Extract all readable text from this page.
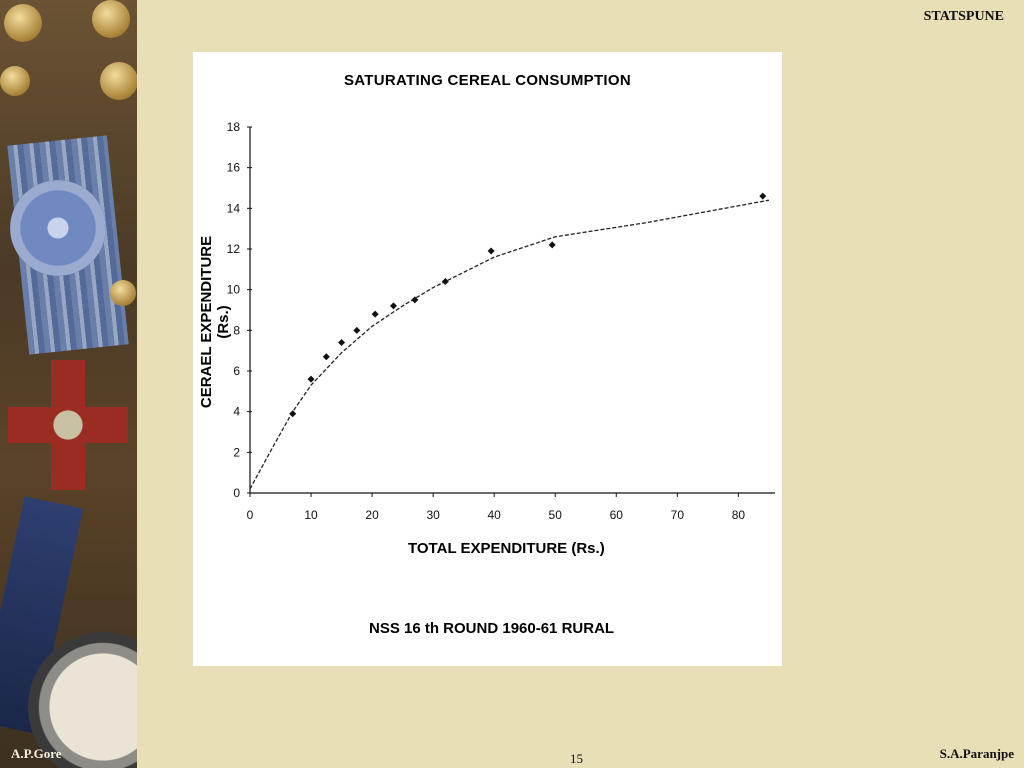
STATSPUNE
SATURATING CEREAL CONSUMPTION
CERAEL EXPENDITURE (Rs.)
TOTAL EXPENDITURE (Rs.)
NSS 16 th ROUND 1960-61 RURAL
0	10	20	30	40	50	60	70	80
0
2
4
6
8
10
12
14
16
18
A.P.Gore	15	S.A.Paranjpe
